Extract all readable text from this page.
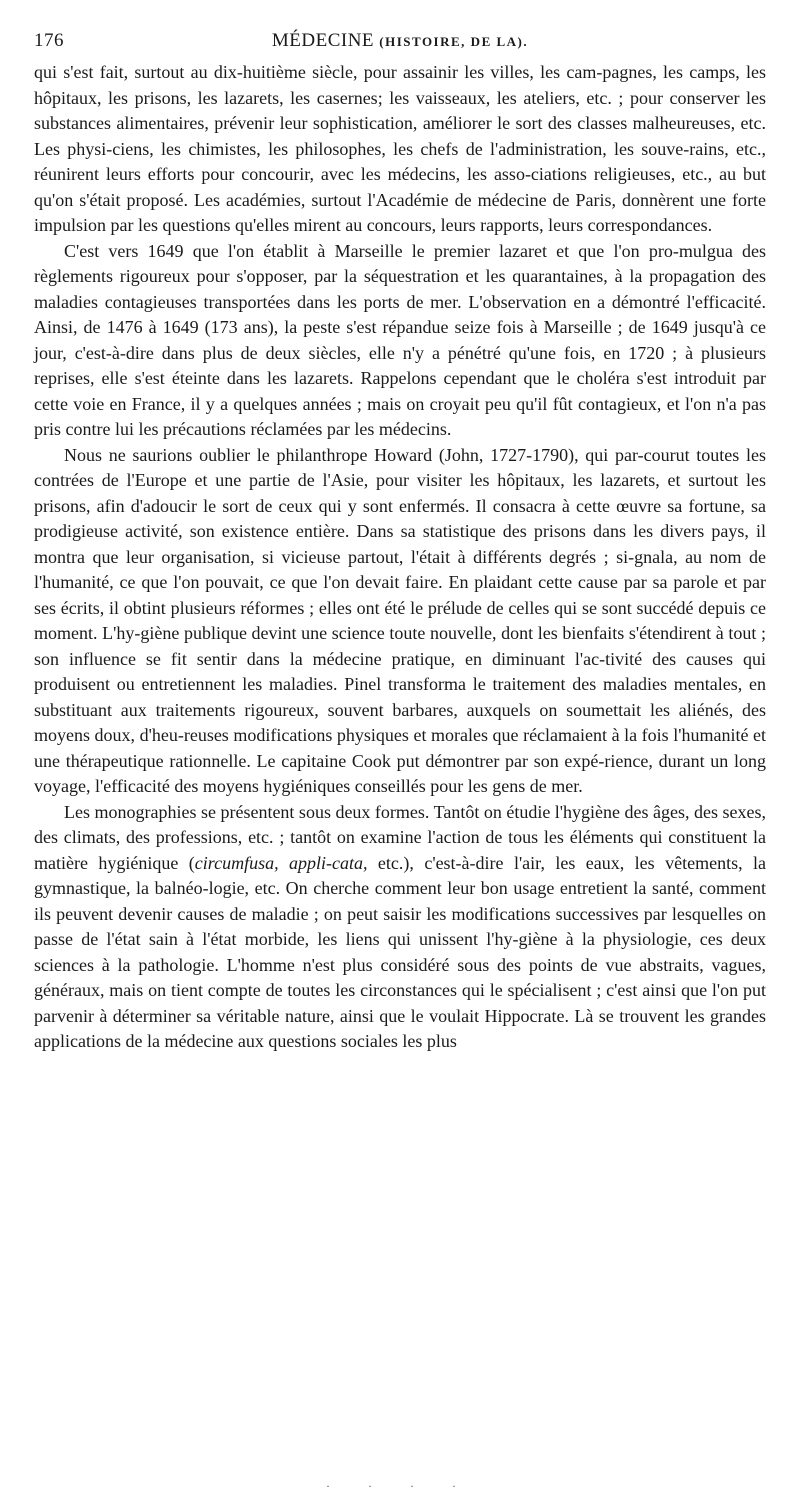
176	MÉDECINE (HISTOIRE, DE LA).

qui s'est fait, surtout au dix-huitième siècle, pour assainir les villes, les cam-pagnes, les camps, les hôpitaux, les prisons, les lazarets, les casernes; les vaisseaux, les ateliers, etc. ; pour conserver les substances alimentaires, prévenir leur sophistication, améliorer le sort des classes malheureuses, etc. Les physi-ciens, les chimistes, les philosophes, les chefs de l'administration, les souve-rains, etc., réunirent leurs efforts pour concourir, avec les médecins, les asso-ciations religieuses, etc., au but qu'on s'était proposé. Les académies, surtout l'Académie de médecine de Paris, donnèrent une forte impulsion par les questions qu'elles mirent au concours, leurs rapports, leurs correspondances.

C'est vers 1649 que l'on établit à Marseille le premier lazaret et que l'on pro-mulgua des règlements rigoureux pour s'opposer, par la séquestration et les quarantaines, à la propagation des maladies contagieuses transportées dans les ports de mer. L'observation en a démontré l'efficacité. Ainsi, de 1476 à 1649 (173 ans), la peste s'est répandue seize fois à Marseille ; de 1649 jusqu'à ce jour, c'est-à-dire dans plus de deux siècles, elle n'y a pénétré qu'une fois, en 1720 ; à plusieurs reprises, elle s'est éteinte dans les lazarets. Rappelons cependant que le choléra s'est introduit par cette voie en France, il y a quelques années ; mais on croyait peu qu'il fût contagieux, et l'on n'a pas pris contre lui les précautions réclamées par les médecins.

Nous ne saurions oublier le philanthrope Howard (John, 1727-1790), qui par-courut toutes les contrées de l'Europe et une partie de l'Asie, pour visiter les hôpitaux, les lazarets, et surtout les prisons, afin d'adoucir le sort de ceux qui y sont enfermés. Il consacra à cette œuvre sa fortune, sa prodigieuse activité, son existence entière. Dans sa statistique des prisons dans les divers pays, il montra que leur organisation, si vicieuse partout, l'était à différents degrés ; si-gnala, au nom de l'humanité, ce que l'on pouvait, ce que l'on devait faire. En plaidant cette cause par sa parole et par ses écrits, il obtint plusieurs réformes ; elles ont été le prélude de celles qui se sont succédé depuis ce moment. L'hy-giène publique devint une science toute nouvelle, dont les bienfaits s'étendirent à tout ; son influence se fit sentir dans la médecine pratique, en diminuant l'ac-tivité des causes qui produisent ou entretiennent les maladies. Pinel transforma le traitement des maladies mentales, en substituant aux traitements rigoureux, souvent barbares, auxquels on soumettait les aliénés, des moyens doux, d'heu-reuses modifications physiques et morales que réclamaient à la fois l'humanité et une thérapeutique rationnelle. Le capitaine Cook put démontrer par son expé-rience, durant un long voyage, l'efficacité des moyens hygiéniques conseillés pour les gens de mer.

Les monographies se présentent sous deux formes. Tantôt on étudie l'hygiène des âges, des sexes, des climats, des professions, etc. ; tantôt on examine l'action de tous les éléments qui constituent la matière hygiénique (circumfusa, appli-cata, etc.), c'est-à-dire l'air, les eaux, les vêtements, la gymnastique, la balnéo-logie, etc. On cherche comment leur bon usage entretient la santé, comment ils peuvent devenir causes de maladie ; on peut saisir les modifications successives par lesquelles on passe de l'état sain à l'état morbide, les liens qui unissent l'hy-giène à la physiologie, ces deux sciences à la pathologie. L'homme n'est plus considéré sous des points de vue abstraits, vagues, généraux, mais on tient compte de toutes les circonstances qui le spécialisent ; c'est ainsi que l'on put parvenir à déterminer sa véritable nature, ainsi que le voulait Hippocrate. Là se trouvent les grandes applications de la médecine aux questions sociales les plus

. . . .
